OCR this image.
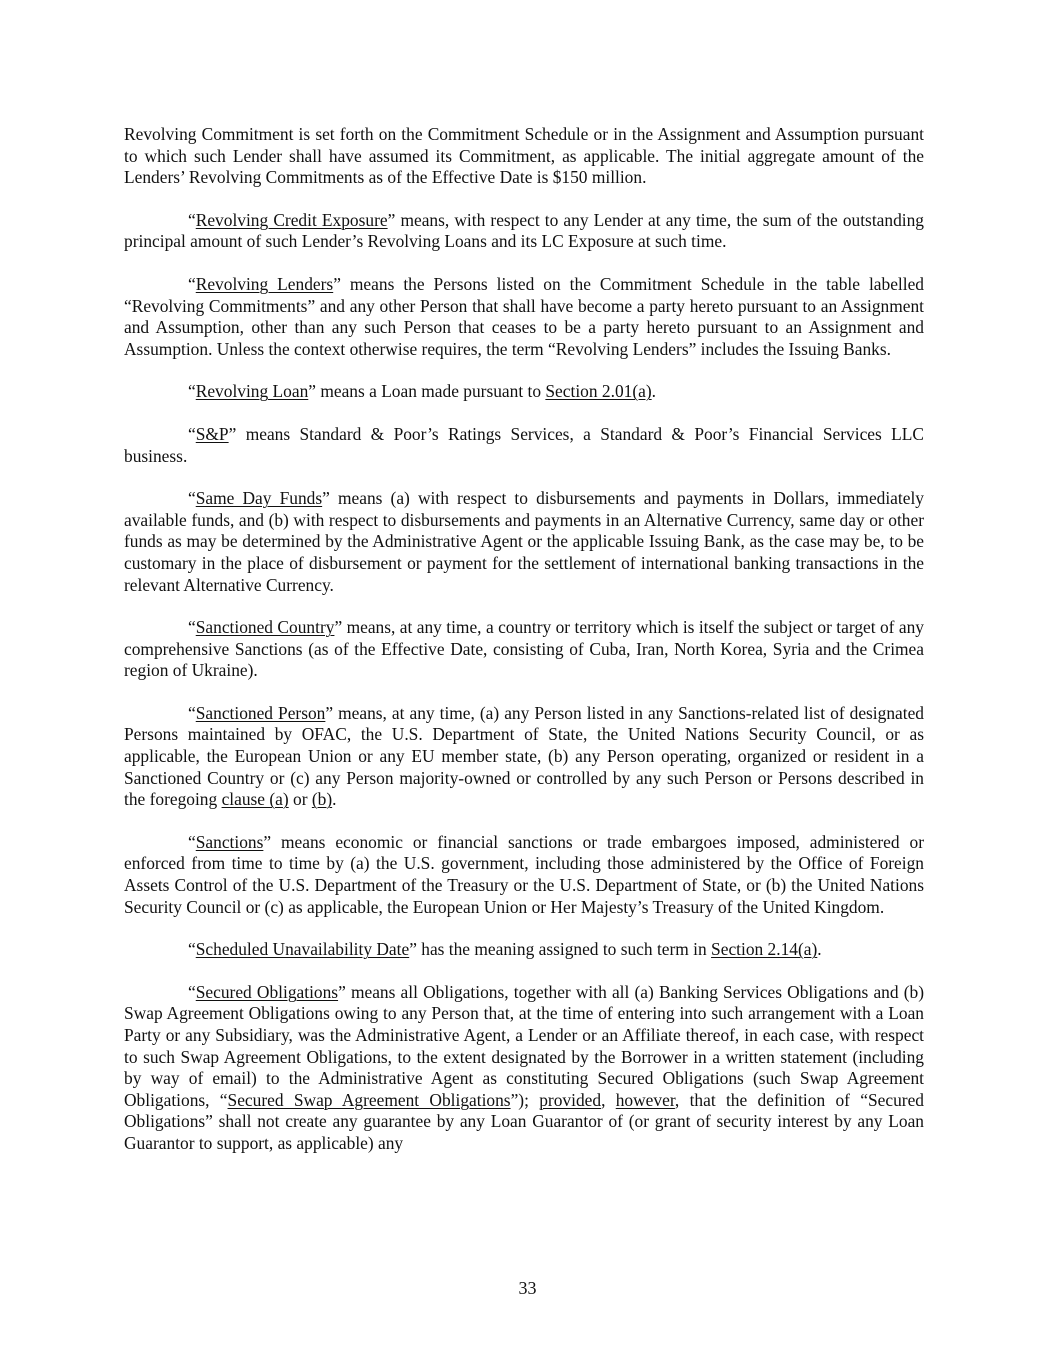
Revolving Commitment is set forth on the Commitment Schedule or in the Assignment and Assumption pursuant to which such Lender shall have assumed its Commitment, as applicable. The initial aggregate amount of the Lenders’ Revolving Commitments as of the Effective Date is $150 million.

“Revolving Credit Exposure” means, with respect to any Lender at any time, the sum of the outstanding principal amount of such Lender’s Revolving Loans and its LC Exposure at such time.

“Revolving Lenders” means the Persons listed on the Commitment Schedule in the table labelled “Revolving Commitments” and any other Person that shall have become a party hereto pursuant to an Assignment and Assumption, other than any such Person that ceases to be a party hereto pursuant to an Assignment and Assumption. Unless the context otherwise requires, the term “Revolving Lenders” includes the Issuing Banks.

“Revolving Loan” means a Loan made pursuant to Section 2.01(a).

“S&P” means Standard & Poor’s Ratings Services, a Standard & Poor’s Financial Services LLC business.

“Same Day Funds” means (a) with respect to disbursements and payments in Dollars, immediately available funds, and (b) with respect to disbursements and payments in an Alternative Currency, same day or other funds as may be determined by the Administrative Agent or the applicable Issuing Bank, as the case may be, to be customary in the place of disbursement or payment for the settlement of international banking transactions in the relevant Alternative Currency.

“Sanctioned Country” means, at any time, a country or territory which is itself the subject or target of any comprehensive Sanctions (as of the Effective Date, consisting of Cuba, Iran, North Korea, Syria and the Crimea region of Ukraine).

“Sanctioned Person” means, at any time, (a) any Person listed in any Sanctions-related list of designated Persons maintained by OFAC, the U.S. Department of State, the United Nations Security Council, or as applicable, the European Union or any EU member state, (b) any Person operating, organized or resident in a Sanctioned Country or (c) any Person majority-owned or controlled by any such Person or Persons described in the foregoing clause (a) or (b).

“Sanctions” means economic or financial sanctions or trade embargoes imposed, administered or enforced from time to time by (a) the U.S. government, including those administered by the Office of Foreign Assets Control of the U.S. Department of the Treasury or the U.S. Department of State, or (b) the United Nations Security Council or (c) as applicable, the European Union or Her Majesty’s Treasury of the United Kingdom.

“Scheduled Unavailability Date” has the meaning assigned to such term in Section 2.14(a).

“Secured Obligations” means all Obligations, together with all (a) Banking Services Obligations and (b) Swap Agreement Obligations owing to any Person that, at the time of entering into such arrangement with a Loan Party or any Subsidiary, was the Administrative Agent, a Lender or an Affiliate thereof, in each case, with respect to such Swap Agreement Obligations, to the extent designated by the Borrower in a written statement (including by way of email) to the Administrative Agent as constituting Secured Obligations (such Swap Agreement Obligations, “Secured Swap Agreement Obligations”); provided, however, that the definition of “Secured Obligations” shall not create any guarantee by any Loan Guarantor of (or grant of security interest by any Loan Guarantor to support, as applicable) any

33
